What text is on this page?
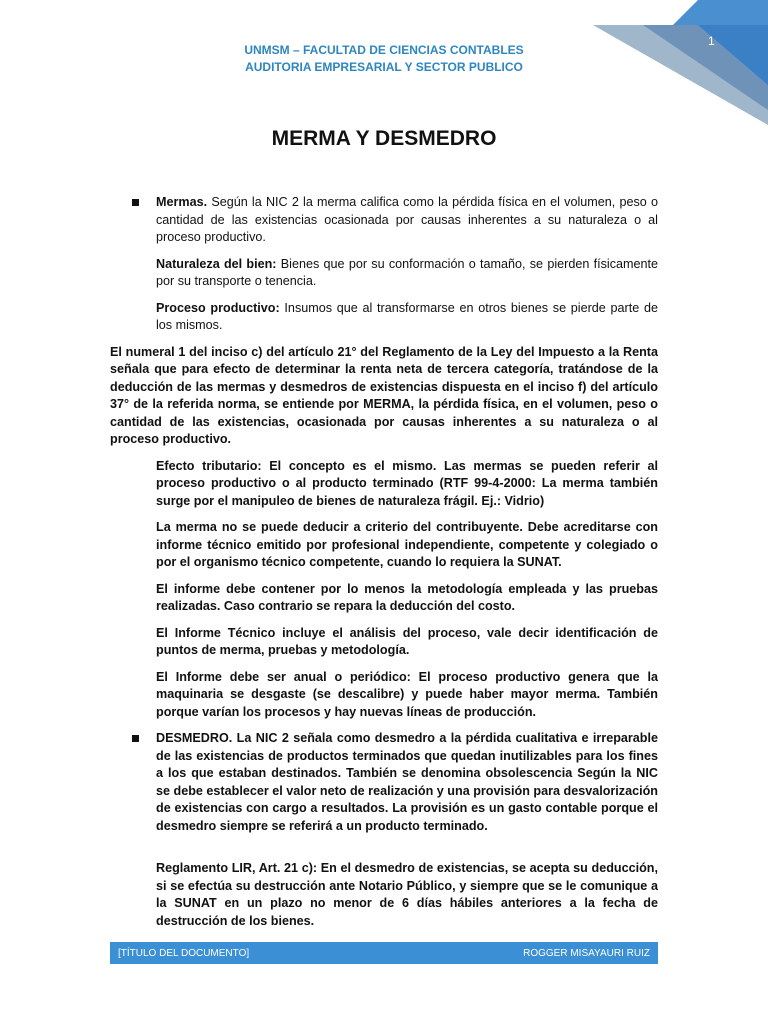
1
UNMSM – FACULTAD DE CIENCIAS CONTABLES
AUDITORIA EMPRESARIAL Y SECTOR PUBLICO
MERMA Y DESMEDRO
Mermas. Según la NIC 2 la merma califica como la pérdida física en el volumen, peso o cantidad de las existencias ocasionada por causas inherentes a su naturaleza o al proceso productivo.
Naturaleza del bien: Bienes que por su conformación o tamaño, se pierden físicamente por su transporte o tenencia.
Proceso productivo: Insumos que al transformarse en otros bienes se pierde parte de los mismos.
El numeral 1 del inciso c) del artículo 21° del Reglamento de la Ley del Impuesto a la Renta señala que para efecto de determinar la renta neta de tercera categoría, tratándose de la deducción de las mermas y desmedros de existencias dispuesta en el inciso f) del artículo 37° de la referida norma, se entiende por MERMA, la pérdida física, en el volumen, peso o cantidad de las existencias, ocasionada por causas inherentes a su naturaleza o al proceso productivo.
Efecto tributario: El concepto es el mismo. Las mermas se pueden referir al proceso productivo o al producto terminado (RTF 99-4-2000: La merma también surge por el manipuleo de bienes de naturaleza frágil. Ej.: Vidrio)
La merma no se puede deducir a criterio del contribuyente. Debe acreditarse con informe técnico emitido por profesional independiente, competente y colegiado o por el organismo técnico competente, cuando lo requiera la SUNAT.
El informe debe contener por lo menos la metodología empleada y las pruebas realizadas. Caso contrario se repara la deducción del costo.
El Informe Técnico incluye el análisis del proceso, vale decir identificación de puntos de merma, pruebas y metodología.
El Informe debe ser anual o periódico: El proceso productivo genera que la maquinaria se desgaste (se descalibre) y puede haber mayor merma. También porque varían los procesos y hay nuevas líneas de producción.
DESMEDRO. La NIC 2 señala como desmedro a la pérdida cualitativa e irreparable de las existencias de productos terminados que quedan inutilizables para los fines a los que estaban destinados. También se denomina obsolescencia Según la NIC se debe establecer el valor neto de realización y una provisión para desvalorización de existencias con cargo a resultados. La provisión es un gasto contable porque el desmedro siempre se referirá a un producto terminado.
Reglamento LIR, Art. 21 c): En el desmedro de existencias, se acepta su deducción, si se efectúa su destrucción ante Notario Público, y siempre que se le comunique a la SUNAT en un plazo no menor de 6 días hábiles anteriores a la fecha de destrucción de los bienes.
[TÍTULO DEL DOCUMENTO]	ROGGER MISAYAURI RUIZ
